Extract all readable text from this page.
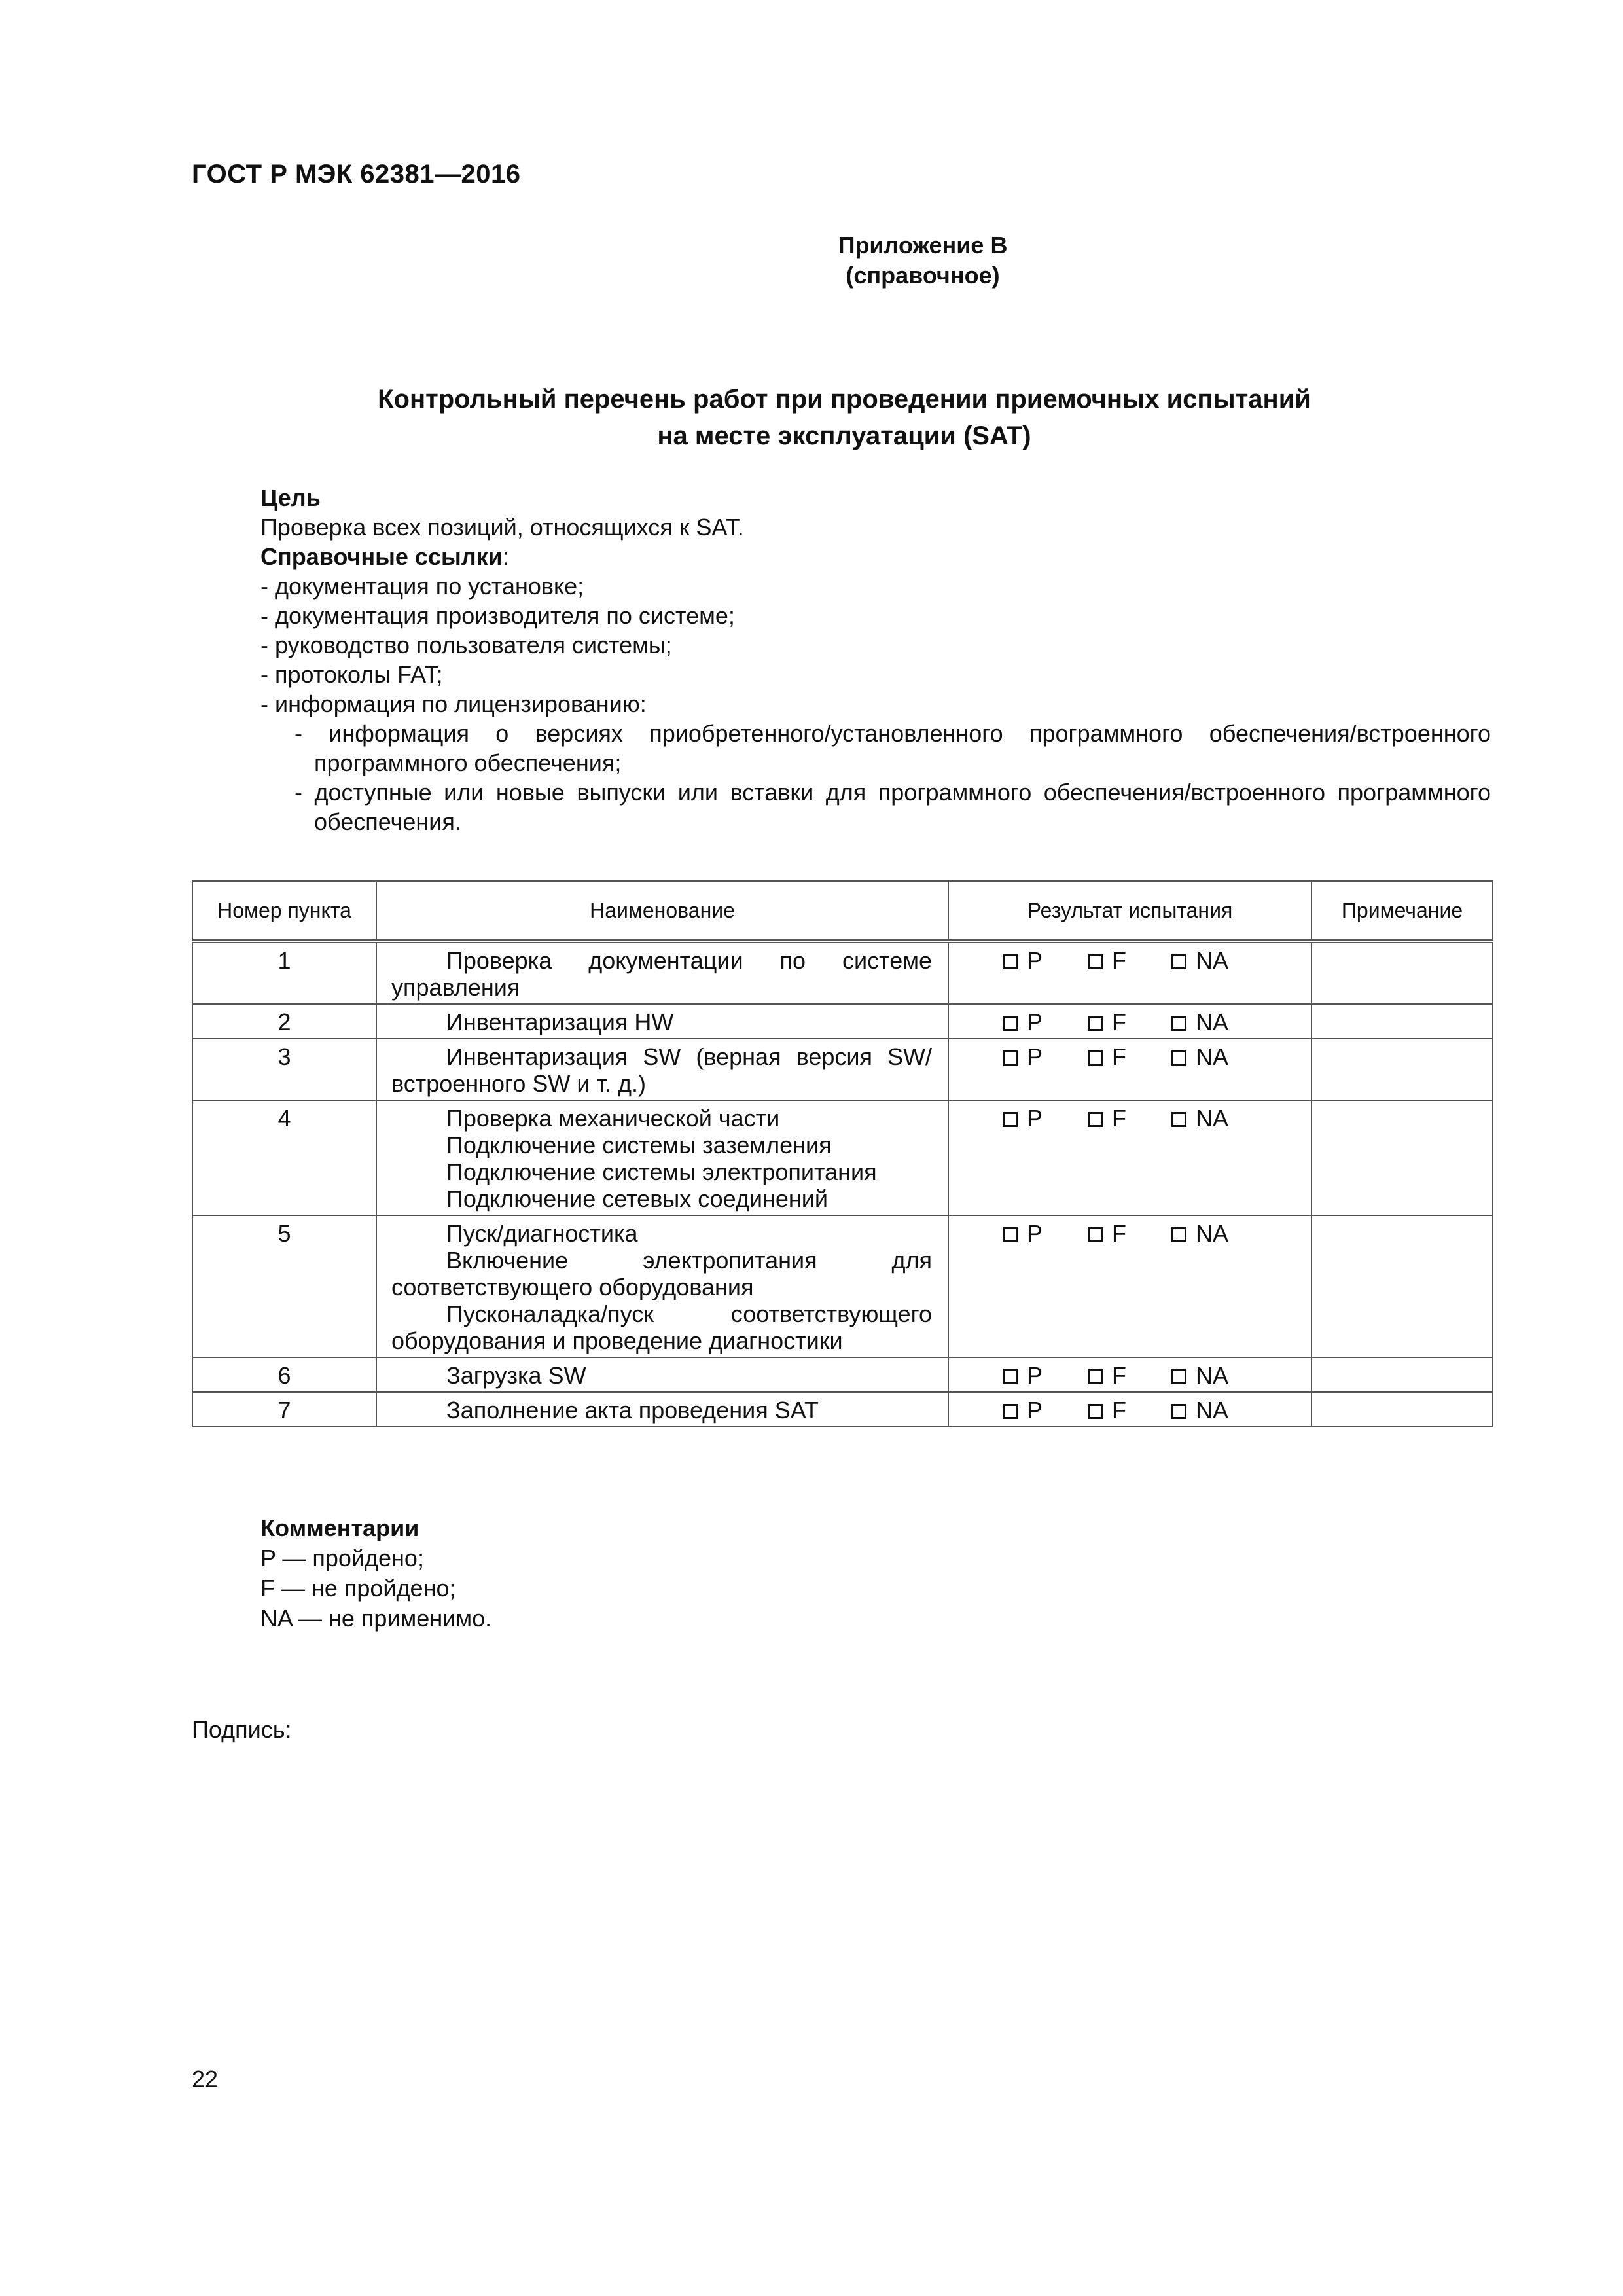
ГОСТ Р МЭК 62381—2016
Приложение В
(справочное)
Контрольный перечень работ при проведении приемочных испытаний
на месте эксплуатации (SAT)
Цель
Проверка всех позиций, относящихся к SAT.
Справочные ссылки:
- документация по установке;
- документация производителя по системе;
- руководство пользователя системы;
- протоколы FAT;
- информация по лицензированию:
- информация о версиях приобретенного/установленного программного обеспечения/встроенного программного обеспечения;
- доступные или новые выпуски или вставки для программного обеспечения/встроенного программного обеспечения.
Номер пункта	Наименование	Результат испытания	Примечание
1	Проверка документации по системе управления	P F NA	
2	Инвентаризация HW	P F NA	
3	Инвентаризация SW (верная версия SW/встроенного SW и т. д.)	P F NA	
4	Проверка механической части
Подключение системы заземления
Подключение системы электропитания
Подключение сетевых соединений	P F NA	
5	Пуск/диагностика
Включение электропитания для соответствующего оборудования
Пусконаладка/пуск соответствующего оборудования и проведение диагностики	P F NA	
6	Загрузка SW	P F NA	
7	Заполнение акта проведения SAT	P F NA	
Комментарии
P — пройдено;
F — не пройдено;
NA — не применимо.
Подпись:
22
